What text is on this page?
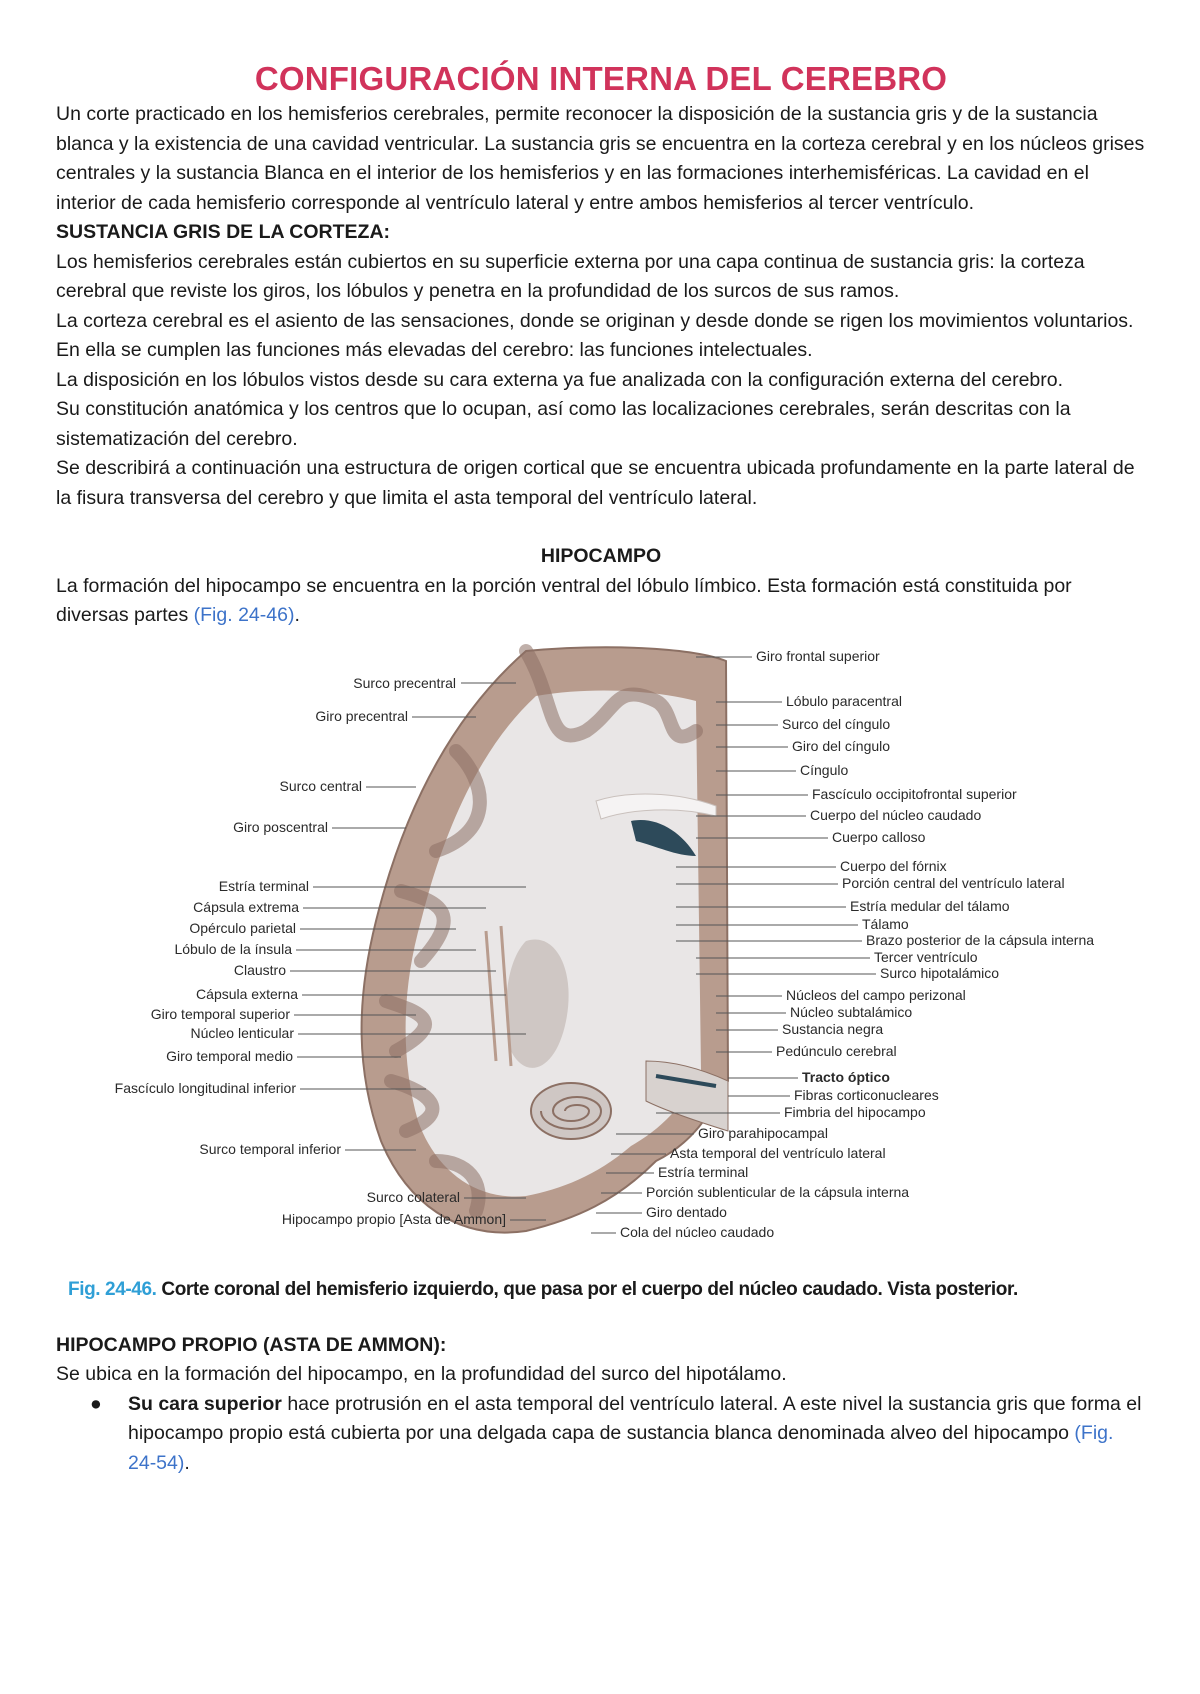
CONFIGURACIÓN INTERNA DEL CEREBRO

Un corte practicado en los hemisferios cerebrales, permite reconocer la disposición de la sustancia gris y de la sustancia blanca y la existencia de una cavidad ventricular. La sustancia gris se encuentra en la corteza cerebral y en los núcleos grises centrales y la sustancia Blanca en el interior de los hemisferios y en las formaciones interhemisféricas. La cavidad en el interior de cada hemisferio corresponde al ventrículo lateral y entre ambos hemisferios al tercer ventrículo.

SUSTANCIA GRIS DE LA CORTEZA:

Los hemisferios cerebrales están cubiertos en su superficie externa por una capa continua de sustancia gris: la corteza cerebral que reviste los giros, los lóbulos y penetra en la profundidad de los surcos de sus ramos.

La corteza cerebral es el asiento de las sensaciones, donde se originan y desde donde se rigen los movimientos voluntarios. En ella se cumplen las funciones más elevadas del cerebro: las funciones intelectuales.

La disposición en los lóbulos vistos desde su cara externa ya fue analizada con la configuración externa del cerebro.

Su constitución anatómica y los centros que lo ocupan, así como las localizaciones cerebrales, serán descritas con la sistematización del cerebro.

Se describirá a continuación una estructura de origen cortical que se encuentra ubicada profundamente en la parte lateral de la fisura transversa del cerebro y que limita el asta temporal del ventrículo lateral.

HIPOCAMPO

La formación del hipocampo se encuentra en la porción ventral del lóbulo límbico. Esta formación está constituida por diversas partes (Fig. 24-46).

Surco precentral
Giro precentral
Surco central
Giro poscentral
Estría terminal
Cápsula extrema
Opérculo parietal
Lóbulo de la ínsula
Claustro
Cápsula externa
Giro temporal superior
Núcleo lenticular
Giro temporal medio
Fascículo longitudinal inferior
Surco temporal inferior
Surco colateral
Hipocampo propio [Asta de Ammon]
Giro frontal superior
Lóbulo paracentral
Surco del cíngulo
Giro del cíngulo
Cíngulo
Fascículo occipitofrontal superior
Cuerpo del núcleo caudado
Cuerpo calloso
Cuerpo del fórnix
Porción central del ventrículo lateral
Estría medular del tálamo
Tálamo
Brazo posterior de la cápsula interna
Tercer ventrículo
Surco hipotalámico
Núcleos del campo perizonal
Núcleo subtalámico
Sustancia negra
Pedúnculo cerebral
Tracto óptico
Fibras corticonucleares
Fimbria del hipocampo
Giro parahipocampal
Asta temporal del ventrículo lateral
Estría terminal
Porción sublenticular de la cápsula interna
Giro dentado
Cola del núcleo caudado
Fig. 24-46. Corte coronal del hemisferio izquierdo, que pasa por el cuerpo del núcleo caudado. Vista posterior.
HIPOCAMPO PROPIO (ASTA DE AMMON):

Se ubica en la formación del hipocampo, en la profundidad del surco del hipotálamo.

● Su cara superior hace protrusión en el asta temporal del ventrículo lateral. A este nivel la sustancia gris que forma el hipocampo propio está cubierta por una delgada capa de sustancia blanca denominada alveo del hipocampo (Fig. 24-54).
